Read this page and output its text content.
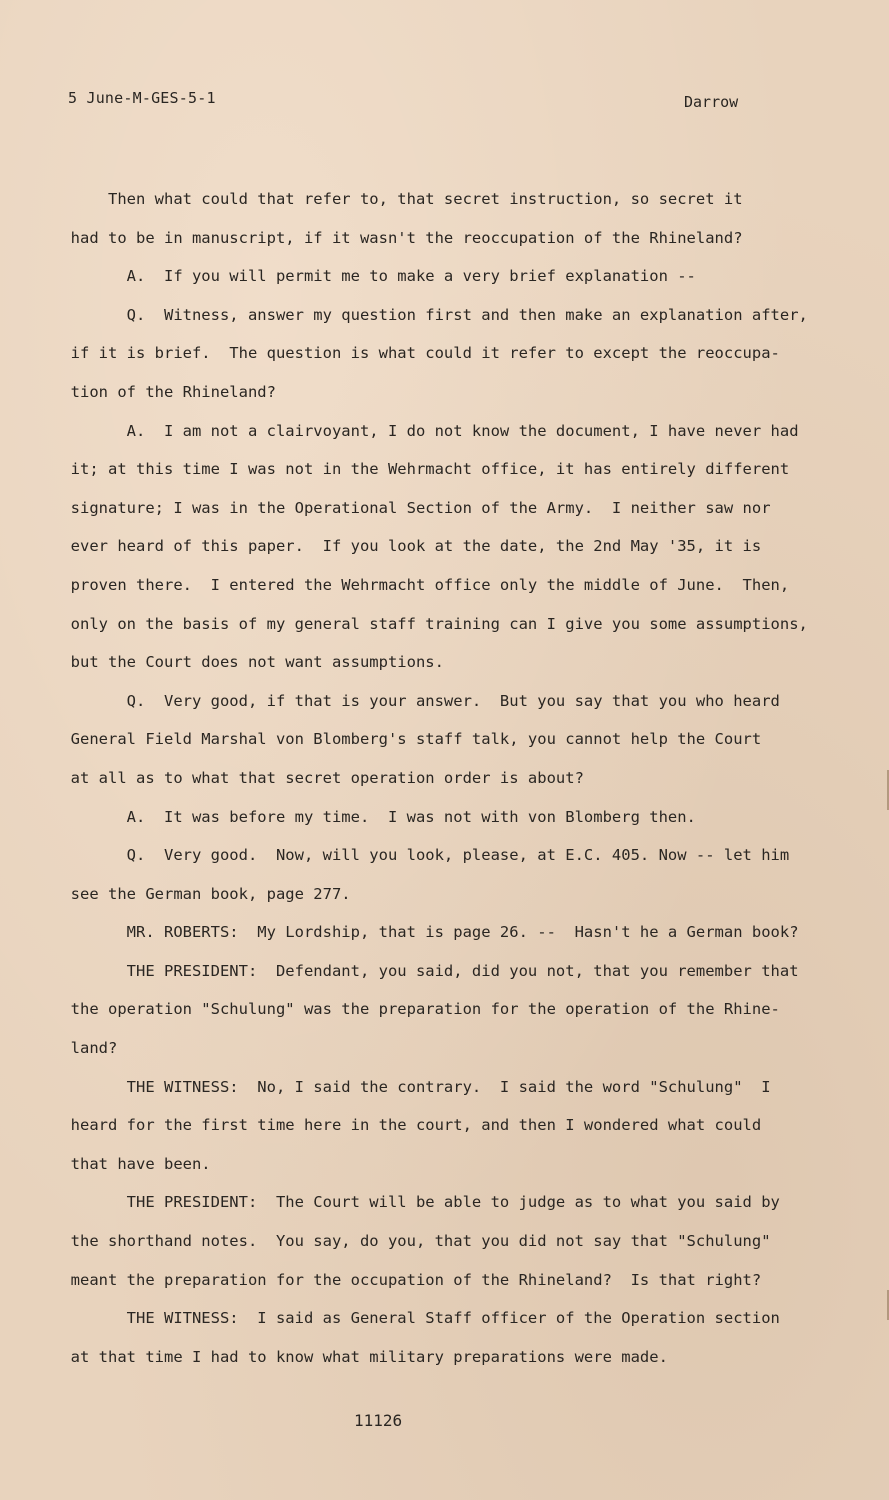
5 June-M-GES-5-1	Darrow
Then what could that refer to, that secret instruction, so secret it
had to be in manuscript, if it wasn't the reoccupation of the Rhineland?
A.  If you will permit me to make a very brief explanation --
Q.  Witness, answer my question first and then make an explanation after,
if it is brief.  The question is what could it refer to except the reoccupa-
tion of the Rhineland?
A.  I am not a clairvoyant, I do not know the document, I have never had
it; at this time I was not in the Wehrmacht office, it has entirely different
signature; I was in the Operational Section of the Army.  I neither saw nor
ever heard of this paper.  If you look at the date, the 2nd May '35, it is
proven there.  I entered the Wehrmacht office only the middle of June.  Then,
only on the basis of my general staff training can I give you some assumptions,
but the Court does not want assumptions.
Q.  Very good, if that is your answer.  But you say that you who heard
General Field Marshal von Blomberg's staff talk, you cannot help the Court
at all as to what that secret operation order is about?
A.  It was before my time.  I was not with von Blomberg then.
Q.  Very good.  Now, will you look, please, at E.C. 405. Now -- let him
see the German book, page 277.
MR. ROBERTS:  My Lordship, that is page 26. --  Hasn't he a German book?
THE PRESIDENT:  Defendant, you said, did you not, that you remember that
the operation "Schulung" was the preparation for the operation of the Rhine-
land?
THE WITNESS:  No, I said the contrary.  I said the word "Schulung"  I
heard for the first time here in the court, and then I wondered what could
that have been.
THE PRESIDENT:  The Court will be able to judge as to what you said by
the shorthand notes.  You say, do you, that you did not say that "Schulung"
meant the preparation for the occupation of the Rhineland?  Is that right?
THE WITNESS:  I said as General Staff officer of the Operation section
at that time I had to know what military preparations were made.
11126
